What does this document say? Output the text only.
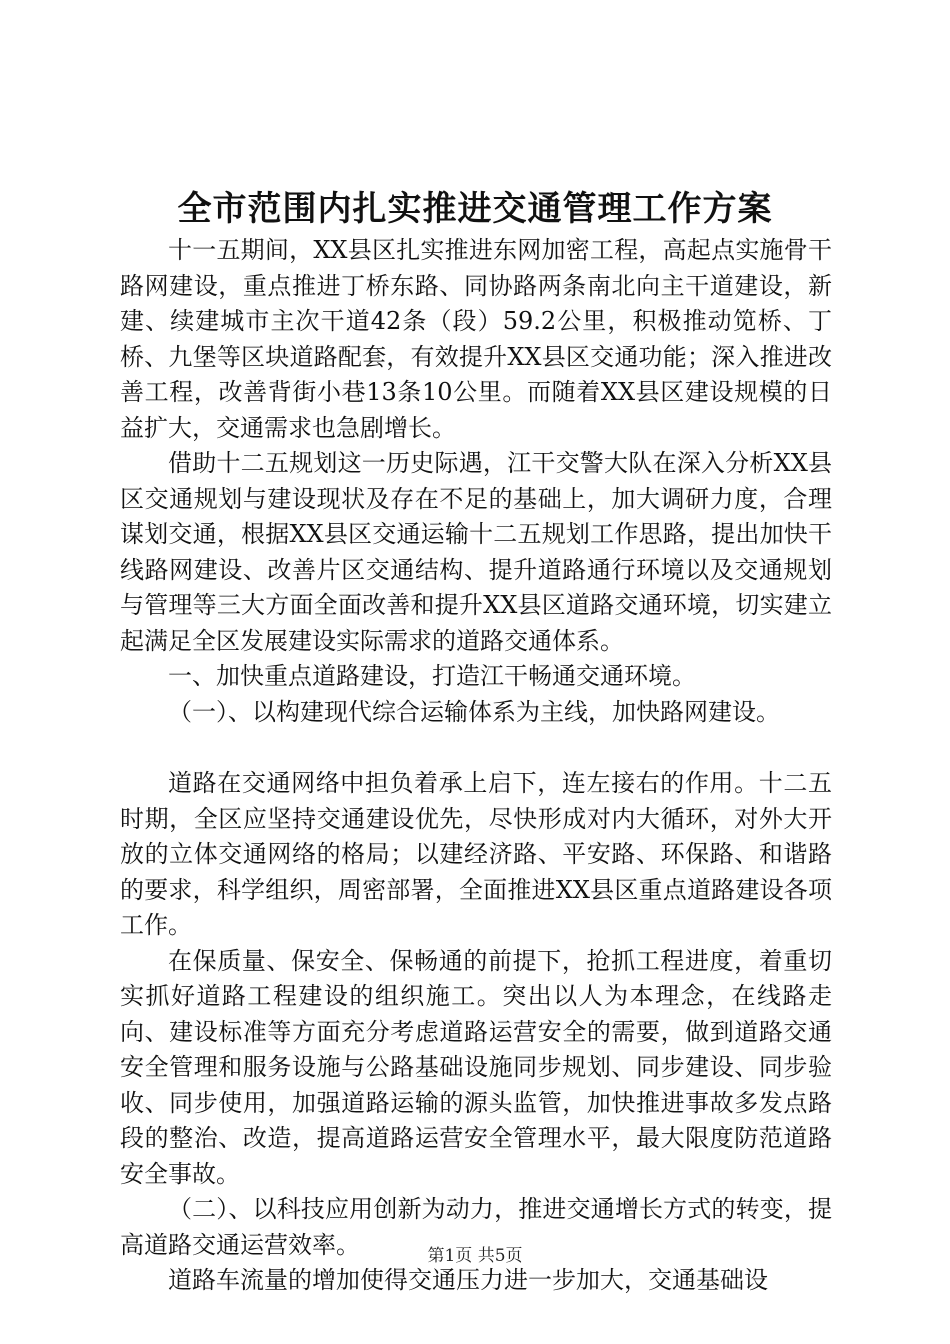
全市范围内扎实推进交通管理工作方案

十一五期间，XX县区扎实推进东网加密工程，高起点实施骨干路网建设，重点推进丁桥东路、同协路两条南北向主干道建设，新建、续建城市主次干道42条（段）59.2公里，积极推动笕桥、丁桥、九堡等区块道路配套，有效提升XX县区交通功能；深入推进改善工程，改善背街小巷13条10公里。而随着XX县区建设规模的日益扩大，交通需求也急剧增长。

借助十二五规划这一历史际遇，江干交警大队在深入分析XX县区交通规划与建设现状及存在不足的基础上，加大调研力度，合理谋划交通，根据XX县区交通运输十二五规划工作思路，提出加快干线路网建设、改善片区交通结构、提升道路通行环境以及交通规划与管理等三大方面全面改善和提升XX县区道路交通环境，切实建立起满足全区发展建设实际需求的道路交通体系。

一、加快重点道路建设，打造江干畅通交通环境。

（一）、以构建现代综合运输体系为主线，加快路网建设。

道路在交通网络中担负着承上启下，连左接右的作用。十二五时期，全区应坚持交通建设优先，尽快形成对内大循环，对外大开放的立体交通网络的格局；以建经济路、平安路、环保路、和谐路的要求，科学组织，周密部署，全面推进XX县区重点道路建设各项工作。

在保质量、保安全、保畅通的前提下，抢抓工程进度，着重切实抓好道路工程建设的组织施工。突出以人为本理念，在线路走向、建设标准等方面充分考虑道路运营安全的需要，做到道路交通安全管理和服务设施与公路基础设施同步规划、同步建设、同步验收、同步使用，加强道路运输的源头监管，加快推进事故多发点路段的整治、改造，提高道路运营安全管理水平，最大限度防范道路安全事故。

（二）、以科技应用创新为动力，推进交通增长方式的转变，提高道路交通运营效率。

道路车流量的增加使得交通压力进一步加大，交通基础设

第1页 共5页
